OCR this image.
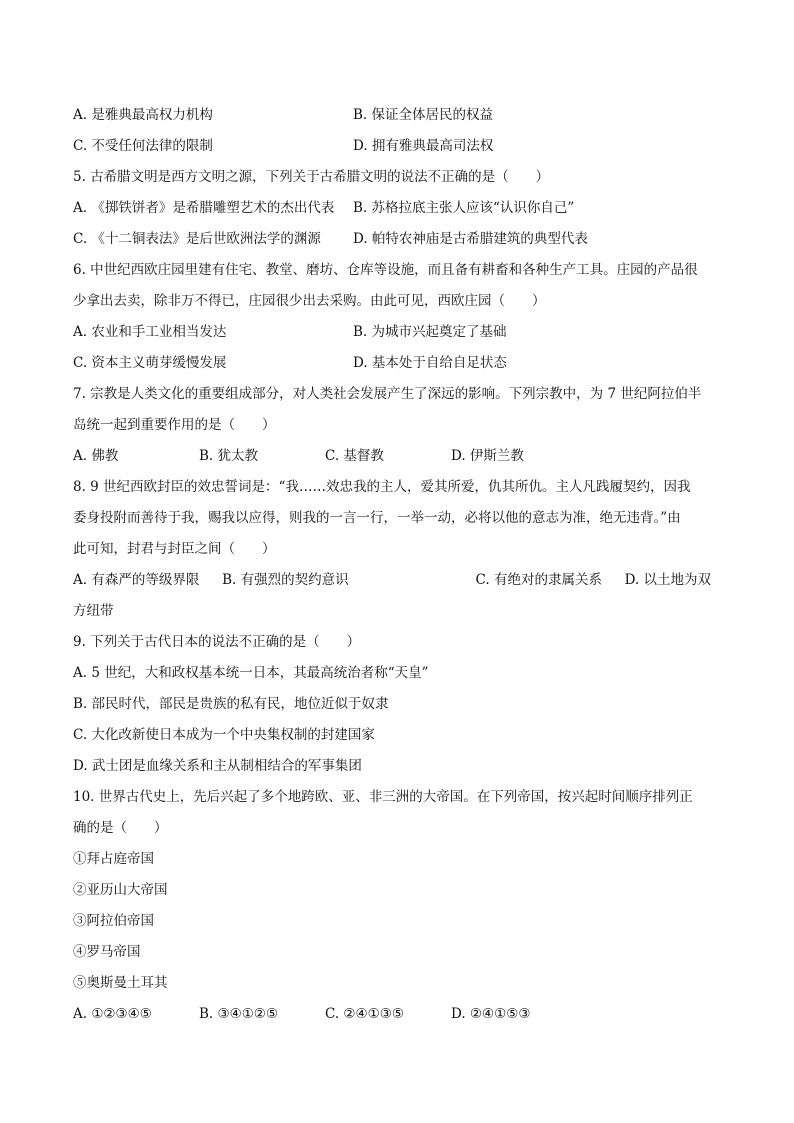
A. 是雅典最高权力机构	B. 保证全体居民的权益
C. 不受任何法律的限制	D. 拥有雅典最高司法权
5. 古希腊文明是西方文明之源，下列关于古希腊文明的说法不正确的是（　　）
A. 《掷铁饼者》是希腊雕塑艺术的杰出代表	B. 苏格拉底主张人应该“认识你自己”
C. 《十二铜表法》是后世欧洲法学的渊源	D. 帕特农神庙是古希腊建筑的典型代表
6. 中世纪西欧庄园里建有住宅、教堂、磨坊、仓库等设施，而且备有耕畜和各种生产工具。庄园的产品很
少拿出去卖，除非万不得已，庄园很少出去采购。由此可见，西欧庄园（　　）
A. 农业和手工业相当发达	B. 为城市兴起奠定了基础
C. 资本主义萌芽缓慢发展	D. 基本处于自给自足状态
7. 宗教是人类文化的重要组成部分，对人类社会发展产生了深远的影响。下列宗教中，为 7 世纪阿拉伯半
岛统一起到重要作用的是（　　）
A. 佛教	B. 犹太教	C. 基督教	D. 伊斯兰教
8. 9 世纪西欧封臣的效忠誓词是：“我……效忠我的主人，爱其所爱，仇其所仇。主人凡践履契约，因我
委身投附而善待于我，赐我以应得，则我的一言一行，一举一动，必将以他的意志为准，绝无违背。”由
此可知，封君与封臣之间（　　）
A. 有森严的等级界限	B. 有强烈的契约意识	C. 有绝对的隶属关系	D. 以土地为双
方纽带
9. 下列关于古代日本的说法不正确的是（　　）
A. 5 世纪，大和政权基本统一日本，其最高统治者称“天皇”
B. 部民时代，部民是贵族的私有民，地位近似于奴隶
C. 大化改新使日本成为一个中央集权制的封建国家
D. 武士团是血缘关系和主从制相结合的军事集团
10. 世界古代史上，先后兴起了多个地跨欧、亚、非三洲的大帝国。在下列帝国，按兴起时间顺序排列正
确的是（　　）
①拜占庭帝国
②亚历山大帝国
③阿拉伯帝国
④罗马帝国
⑤奥斯曼土耳其
A. ①②③④⑤	B. ③④①②⑤	C. ②④①③⑤	D. ②④①⑤③
